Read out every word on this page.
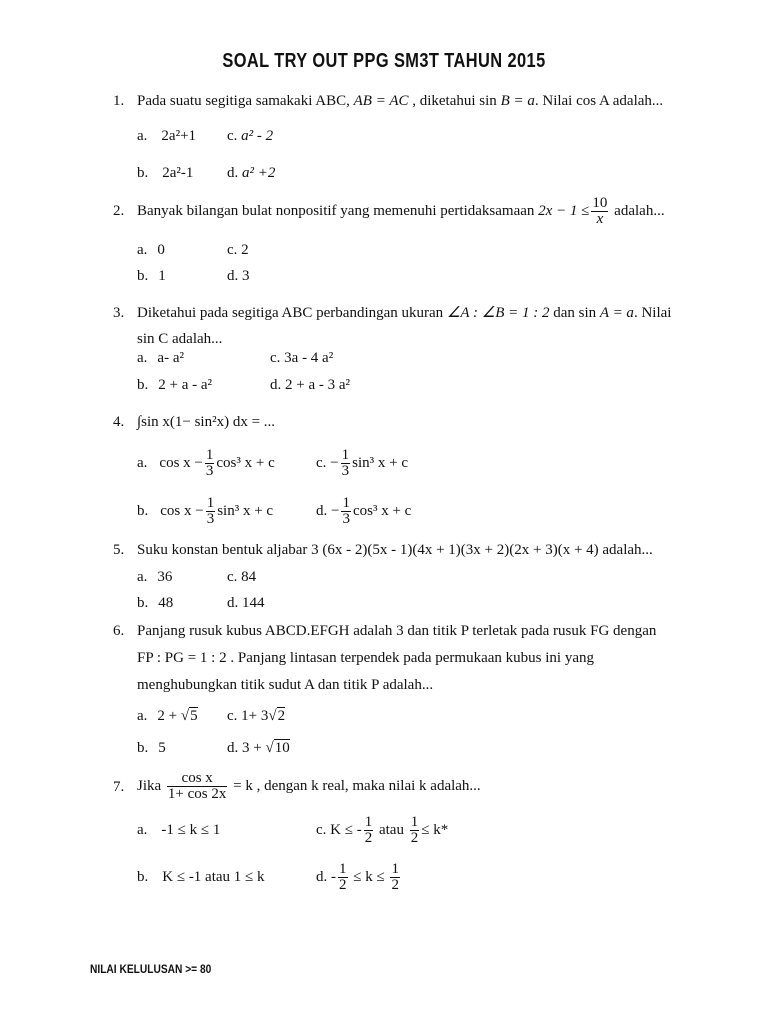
SOAL TRY OUT PPG SM3T TAHUN 2015
1. Pada suatu segitiga samakaki ABC, AB = AC , diketahui sin B = a. Nilai cos A adalah...
a. 2a²+1 c. a² - 2
b. 2a²-1 d. a² +2
2. Banyak bilangan bulat nonpositif yang memenuhi pertidaksamaan $2x - 1 \le \frac{10}{x}$ adalah...
a. 0	c. 2
b. 1	d. 3
3. Diketahui pada segitiga ABC perbandingan ukuran ∠A : ∠B = 1 : 2 dan sin A = a. Nilai
sin C adalah...
a. a- a²	c. 3a - 4 a²
b. 2 + a - a²	d. 2 + a - 3 a²
4. ∫sin x(1− sin²x) dx = ...
a. $\cos x - \frac{1}{3} \cos^3$ x + c	c. − $\frac{1}{3} \sin^3$ x + c
b. $\cos x - \frac{1}{3} \sin^3$ x + c	d. − $\frac{1}{3} \cos^3$ x + c
5. Suku konstan bentuk aljabar 3 (6x - 2)(5x - 1)(4x + 1)(3x + 2)(2x + 3)(x + 4) adalah...
a. 36	c. 84
b. 48	d. 144
6. Panjang rusuk kubus ABCD.EFGH adalah 3 dan titik P terletak pada rusuk FG dengan
FP : PG = 1 : 2 . Panjang lintasan terpendek pada permukaan kubus ini yang
menghubungkan titik sudut A dan titik P adalah...
a. 2 + √5 c. 1+ 3√2
b. 5	d. 3 + √10
7. Jika $\frac{\text{cos x}}{1+ \cos 2x} = k$ , dengan k real, maka nilai k adalah...
a. -1 ≤ k ≤ 1	c. K ≤ - $\frac{1}{2}$ atau $\frac{1}{2} \le k*$
b. K ≤ -1 atau 1 ≤ k	d. - $\frac{1}{2} \le k \le \frac{1}{2}$
NILAI KELULUSAN >= 80
